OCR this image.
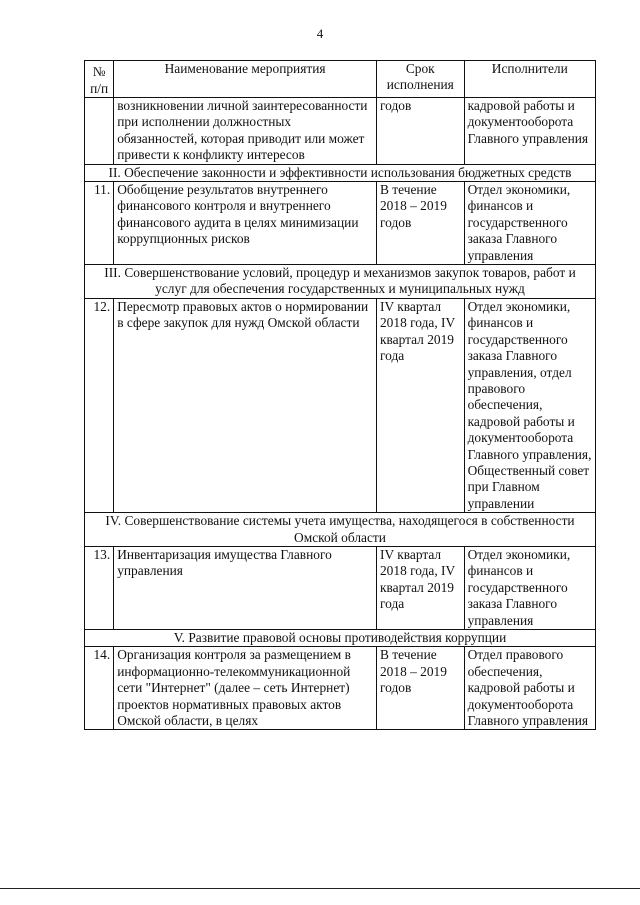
4
№ п/п	Наименование мероприятия	Срок исполнения	Исполнители
	возникновении личной заинтересованности при исполнении должностных обязанностей, которая приводит или может привести к конфликту интересов	годов	кадровой работы и документооборота Главного управления
II. Обеспечение законности и эффективности использования бюджетных средств			
11.	Обобщение результатов внутреннего финансового контроля и внутреннего финансового аудита в целях минимизации коррупционных рисков	В течение 2018 – 2019 годов	Отдел экономики, финансов и государственного заказа Главного управления
III. Совершенствование условий, процедур и механизмов закупок товаров, работ и услуг для обеспечения государственных и муниципальных нужд			
12.	Пересмотр правовых актов о нормировании в сфере закупок для нужд Омской области	IV квартал 2018 года, IV квартал 2019 года	Отдел экономики, финансов и государственного заказа Главного управления, отдел правового обеспечения, кадровой работы и документооборота Главного управления, Общественный совет при Главном управлении
IV. Совершенствование системы учета имущества, находящегося в собственности Омской области			
13.	Инвентаризация имущества Главного управления	IV квартал 2018 года, IV квартал 2019 года	Отдел экономики, финансов и государственного заказа Главного управления
V. Развитие правовой основы противодействия коррупции			
14.	Организация контроля за размещением в информационно-телекоммуникационной сети "Интернет" (далее – сеть Интернет) проектов нормативных правовых актов Омской области, в целях	В течение 2018 – 2019 годов	Отдел правового обеспечения, кадровой работы и документооборота Главного управления
